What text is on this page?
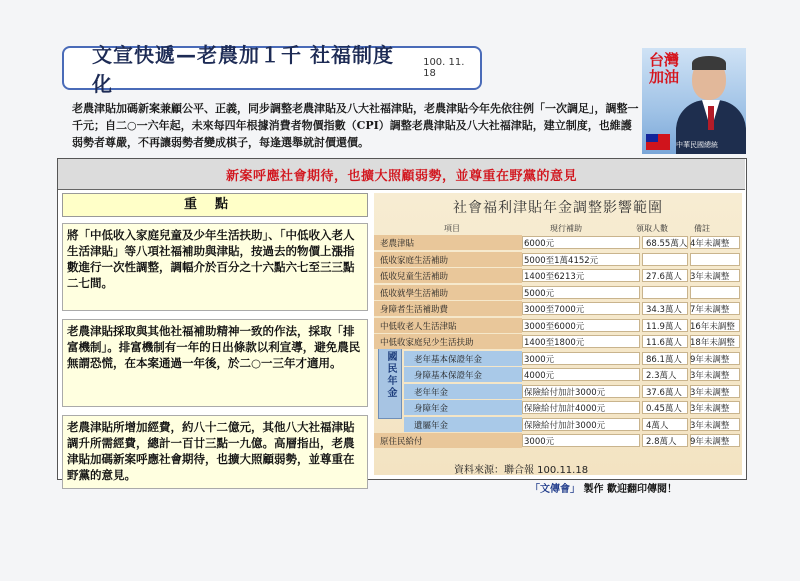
文宣快遞—老農加１千 社福制度化
100. 11. 18
台灣加油
中華民國總統
老農津貼加碼新案兼顧公平、正義，同步調整老農津貼及八大社福津貼，老農津貼今年先依往例「一次調足」，調整一千元；自二○一六年起，未來每四年根據消費者物價指數（CPI）調整老農津貼及八大社福津貼，建立制度，也維護弱勢者尊嚴，不再讓弱勢者變成棋子，每逢選舉就討價還價。
新案呼應社會期待，也擴大照顧弱勢，並尊重在野黨的意見
重點
將「中低收入家庭兒童及少年生活扶助」、「中低收入老人生活津貼」等八項社福補助與津貼，按過去的物價上漲指數進行一次性調整，調幅介於百分之十六點六七至三三點二七間。
老農津貼採取與其他社福補助精神一致的作法，採取「排富機制」。排富機制有一年的日出條款以利宣導，避免農民無謂恐慌，在本案通過一年後，於二○一三年才適用。
老農津貼所增加經費，約八十二億元，其他八大社福津貼調升所需經費，總計一百廿三點一九億。高層指出，老農津貼加碼新案呼應社會期待，也擴大照顧弱勢，並尊重在野黨的意見。
社會福利津貼年金調整影響範圍
項目	現行補助	領取人數	備註
國民年金
老農津貼	6000元	68.55萬人 4年未調整
低收家庭生活補助	5000至1萬4152元
低收兒童生活補助	1400至6213元	27.6萬人 3年未調整
低收就學生活補助	5000元
身障者生活補助費	3000至7000元	34.3萬人 7年未調整
中低收老人生活津貼	3000至6000元	11.9萬人 16年未調整
中低收家庭兒少生活扶助	1400至1800元	11.6萬人 18年未調整
老年基本保證年金	3000元	86.1萬人 9年未調整
身障基本保證年金	4000元	2.3萬人 3年未調整
老年年金	保險給付加計3000元	37.6萬人 3年未調整
身障年金	保險給付加計4000元	0.45萬人 3年未調整
遺屬年金	保險給付加計3000元	4萬人	3年未調整
原住民給付	3000元	2.8萬人 9年未調整
資料來源：聯合報 100.11.18
「文傳會」 製作 歡迎翻印傳閱！
